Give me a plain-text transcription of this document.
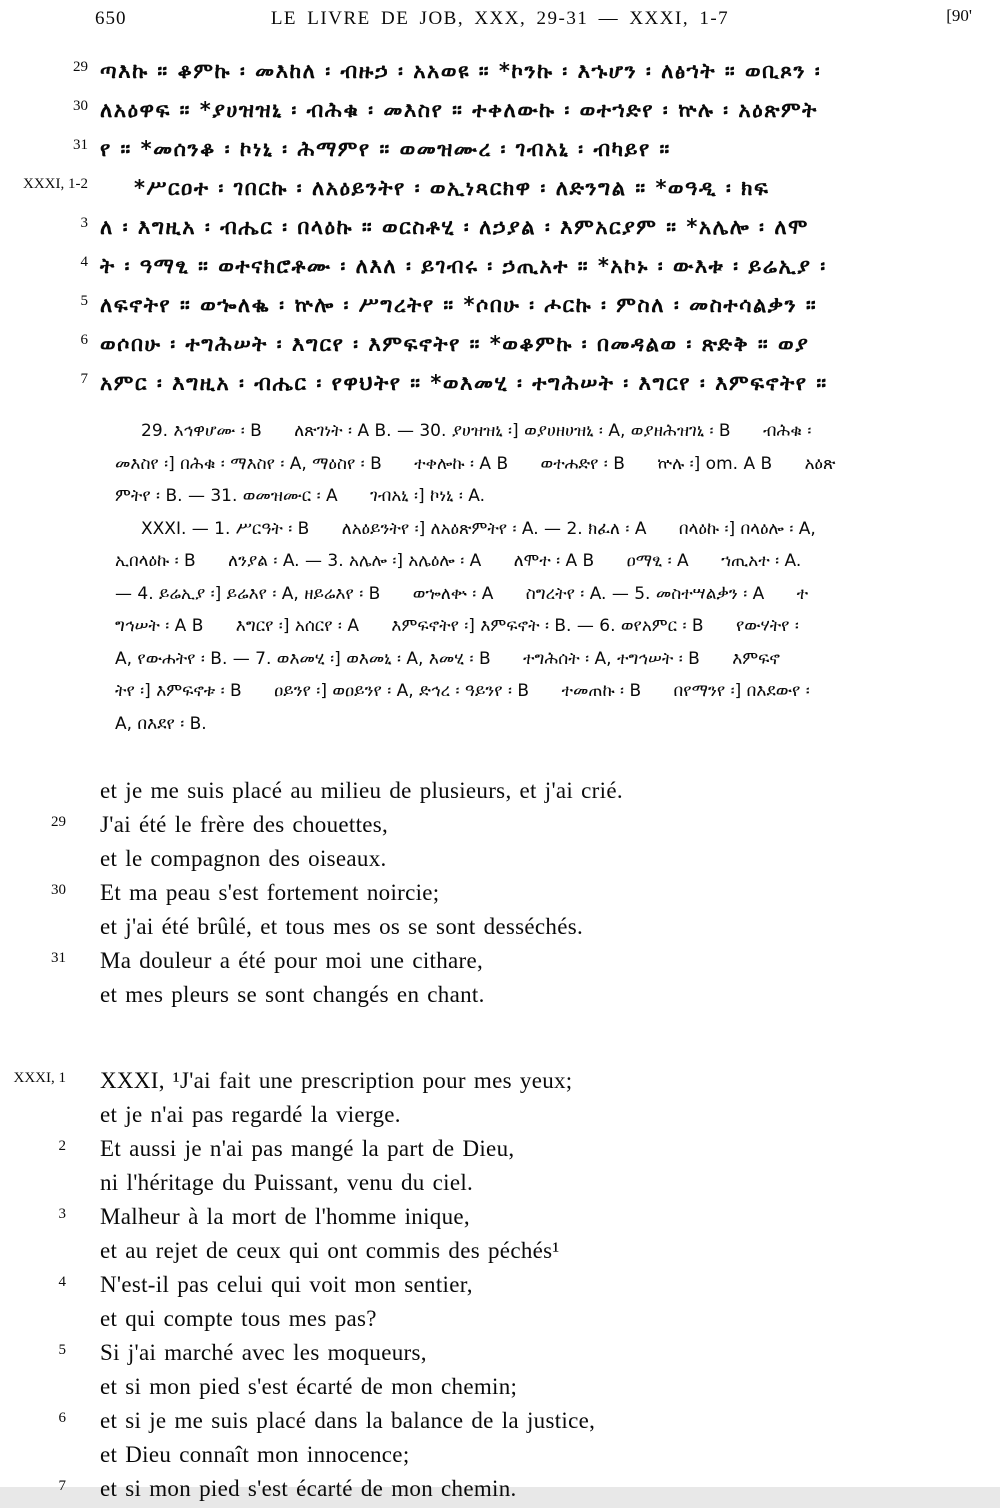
650	LE LIVRE DE JOB, XXX, 29-31 — XXXI, 1-7	[90'
29 ጣእኩ ። ቆምኩ ፡ መእከለ ፡ ብዙኃ ፡ አአወዩ ። *ኮንኩ ፡ እኁሆን ፡ ለፅኀት ። ወቢጾን ፡
30 ለአዕዋፍ ። *ያሀዝዝኒ ፡ ብሕቁ ፡ መእስየ ። ተቀለውኩ ፡ ወተኀድየ ፡ ኵሉ ፡ አዕጽምት
31 የ ። *መሰንቆ ፡ ኮነኒ ፡ ሕማምየ ። ወመዝሙረ ፡ ገብአኒ ፡ ብካይየ ።
XXXI, 1-2	*ሥርዐተ ፡ ገበርኩ ፡ ለአዕይንትየ ፡ ወኢነጻርክዋ ፡ ለድንግል ። *ወዓዲ ፡ ክፍ
3 ለ ፡ እግዚአ ፡ ብሔር ፡ በላዕኩ ። ወርስቶሂ ፡ ለኃያል ፡ እምአርያም ። *አሌሎ ፡ ለሞ
4 ት ፡ ዓማፂ ። ወተናክሮቶሙ ፡ ለእለ ፡ ይገብሩ ፡ ኃጢአተ ። *አኮኑ ፡ ውእቱ ፡ ይሬኢያ ፡
5 ለፍኖትየ ። ወኈለቈ ፡ ኵሎ ፡ ሥግረትየ ። *ሶበሁ ፡ ሖርኩ ፡ ምስለ ፡ መስተሳልቃን ።
6 ወሶበሁ ፡ ተግሕሠት ፡ እግርየ ፡ እምፍኖትየ ። *ወቆምኩ ፡ በመዳልወ ፡ ጽድቅ ። ወያ
7 አምር ፡ እግዚአ ፡ ብሔር ፡ የዋህትየ ። *ወእመሂ ፡ ተግሕሠት ፡ እግርየ ፡ እምፍኖትየ ።
29. እኅዋሆሙ ፡ B      ለጽገነት ፡ A B. — 30. ያሀዝዝኒ ፡] ወያሀዘሀዝኒ ፡ A, ወያዘሕዝገኒ ፡ B      ብሕቁ ፡
መእስየ ፡] በሕቁ ፡ ማእስየ ፡ A, ማዕስየ ፡ B      ተቀሎኩ ፡ A B      ወተሐድየ ፡ B      ኵሉ ፡] om. A B      አዕጽ
ምትየ ፡ B. — 31. ወመዝሙር ፡ A      ገብአኒ ፡] ኮነኒ ፡ A.
XXXI. — 1. ሥርዓት ፡ B      ለአዕይንትየ ፡] ለአዕጽምትየ ፡ A. — 2. ክፈለ ፡ A      በላዕኩ ፡] በላዕሎ ፡ A,
ኢበላዕኩ ፡ B      ለንያል ፡ A. — 3. አሌሎ ፡] አሌዕሎ ፡ A      ለሞተ ፡ A B      ዐማፂ ፡ A      ኀጢአተ ፡ A.
— 4. ይሬኢያ ፡] ይሬእየ ፡ A, ዘይሬእየ ፡ B      ወኈለቍ ፡ A      ስግረትየ ፡ A. — 5. መስተሣልቃን ፡ A      ተ
ግኅሠት ፡ A B      እግርየ ፡] አሰርየ ፡ A      እምፍኖትየ ፡] እምፍኖት ፡ B. — 6. ወየአምር ፡ B      የውሃትየ ፡
A, የውሐትየ ፡ B. — 7. ወእመሂ ፡] ወእመኒ ፡ A, እመሂ ፡ B      ተግሕሰት ፡ A, ተግኅሠት ፡ B      እምፍኖ
ትየ ፡] እምፍኖቱ ፡ B      ዐይንየ ፡] ወዐይንየ ፡ A, ድኅረ ፡ ዓይንየ ፡ B      ተመጠኩ ፡ B      በየማንየ ፡] በእደውየ ፡
A, በእደየ ፡ B.
et je me suis placé au milieu de plusieurs, et j'ai crié.
29	J'ai été le frère des chouettes,
et le compagnon des oiseaux.
30	Et ma peau s'est fortement noircie;
et j'ai été brûlé, et tous mes os se sont desséchés.
31	Ma douleur a été pour moi une cithare,
et mes pleurs se sont changés en chant.
XXXI, 1	XXXI, ¹J'ai fait une prescription pour mes yeux;
et je n'ai pas regardé la vierge.
2	Et aussi je n'ai pas mangé la part de Dieu,
ni l'héritage du Puissant, venu du ciel.
3	Malheur à la mort de l'homme inique,
et au rejet de ceux qui ont commis des péchés¹
4	N'est-il pas celui qui voit mon sentier,
et qui compte tous mes pas?
5	Si j'ai marché avec les moqueurs,
et si mon pied s'est écarté de mon chemin;
6	et si je me suis placé dans la balance de la justice,
et Dieu connaît mon innocence;
7	et si mon pied s'est écarté de mon chemin.
